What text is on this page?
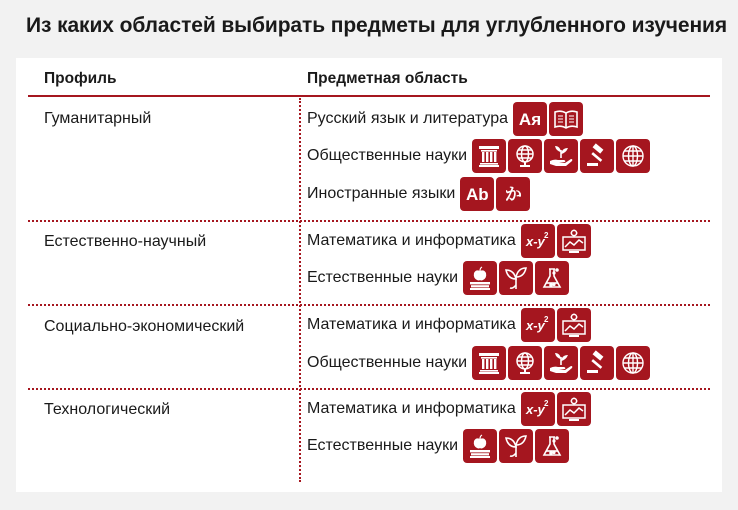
Из каких областей выбирать предметы для углубленного изучения
Профиль	Предметная область
Гуманитарный	Русский язык и литература Ая
Общественные науки
Иностранные языки Ab か
Естественно-научный	Математика и информатика x-y 2
Естественные науки
Социально-экономический	Математика и информатика x-y 2
Общественные науки
Технологический	Математика и информатика x-y 2
Естественные науки
